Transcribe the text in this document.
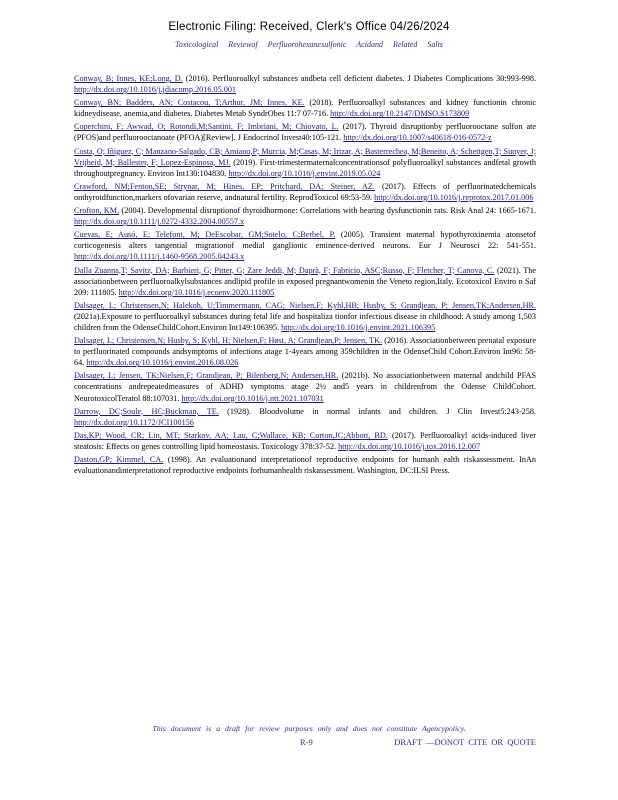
Electronic Filing: Received, Clerk's Office 04/26/2024
Toxicological Reviewof Perfluorohexanesulfonic Acidand Related Salts

Conway, B; Innes, KE;Long, D. (2016). Perfluoroalkyl substances andbeta cell deficient diabetes. J Diabetes Complications 30:993-998. http://dx.doi.org/10.1016/j.jdiacomp.2016.05.001

Conway, BN; Badders, AN; Costacou, T;Arthur, JM; Innes, KE. (2018). Perfluoroalkyl substances and kidney functionin chronic kidneydisease, anemia,and diabetes. Diabetes Metab SyndrObes 11:7 07-716. http://dx.doi.org/10.2147/DMSO.S173809

Coperchini, F; Awwad, O; Rotondi,M;Santini, F; Imbriani, M; Chiovato, L. (2017). Thyroid disruptionby perfluorooctane sulfon ate (PFOS)and perfluorooctanoate (PFOA)[Review]. J Endocrinol Invest40:105-121. http://dx.doi.org/10.1007/s40618-016-0572-z

Costa, O; Iñiguez, C; Manzano-Salgado, CB; Amiano,P; Murcia, M;Casas, M; Irizar, A; Basterrechea, M;Beneito, A; Schettgen,T; Sunyer, J; Vrijheid, M; Ballester, F; Lopez-Espinosa, MJ. (2019). First-trimestermaternalconcentrationsof polyfluoroalkyl substances andfetal growth throughoutpregnancy. Environ Int130:104830. http://dx.doi.org/10.1016/j.envint.2019.05.024

Crawford, NM;Fenton,SE; Strynar, M; Hines, EP; Pritchard, DA; Steiner, AZ. (2017). Effects of perfluorinatedchemicals onthyroidfunction,markers ofovarian reserve, andnatural fertility. ReprodToxicol 69:53-59. http://dx.doi.org/10.1016/j.reprotox.2017.01.006

Crofton, KM. (2004). Developmental disruptionof thyroidhormone: Correlations with hearing dysfunctionin rats. Risk Anal 24: 1665-1671. http://dx.doi.org/10.1111/j.0272-4332.2004.00557.x

Cuevas, E; Ausó, E; Telefont, M; DeEscobar, GM;Sotelo, C;Berbel, P. (2005). Transient maternal hypothyroxinemia atonsetof corticogenesis alters tangential migrationof medial ganglionic eminence-derived neurons. Eur J Neurosci 22: 541-551. http://dx.doi.org/10.1111/j.1460-9568.2005.04243.x

Dalla Zuanna,T; Savitz, DA; Barbieri, G; Pitter, G; Zare Jeddi, M; Daprà, F; Fabricio, ASC;Russo, F; Fletcher, T; Canova, C. (2021). The associationbetween perfluoroalkylsubstances andlipid profile in exposed pregnantwomenin the Veneto region,Italy. Ecotoxicol Enviro n Saf 209: 111805. http://dx.doi.org/10.1016/j.ecoenv.2020.111805

Dalsager, L; Christensen,N; Halekoh, U;Timmermann, CAG; Nielsen,F; Kyhl,HB; Husby, S; Grandjean, P; Jensen,TK;Andersen,HR. (2021a).Exposure to perfluoroalkyl substances during fetal life and hospitaliza tionfor infectious disease in childhood: A study among 1,503 children from the OdenseChildCohort.Environ Int149:106395. http://dx.doi.org/10.1016/j.envint.2021.106395

Dalsager, L; Christensen,N; Husby, S; Kyhl, H; Nielsen,F; Høst, A; Grandjean,P; Jensen, TK. (2016). Associationbetween prenatal exposure to perfluorinated compounds andsymptoms of infections atage 1-4years among 359children in the OdenseChild Cohort.Environ Int96: 58-64. http://dx.doi.org/10.1016/j.envint.2016.08.026

Dalsager, L; Jensen, TK;Nielsen,F; Grandjean, P; Bilenberg,N; Andersen,HR. (2021b). No associationbetween maternal andchild PFAS concentrations andrepeatedmeasures of ADHD symptoms atage 2½ and5 years in childrenfrom the Odense ChildCohort. NeurotoxicolTeratol 88:107031. http://dx.doi.org/10.1016/j.ntt.2021.107031

Darrow, DC;Soule, HC;Buckman, TE. (1928). Bloodvolume in normal infants and children. J Clin Invest5:243-258. http://dx.doi.org/10.1172/JCI100156

Das,KP; Wood, CR; Lin, MT; Starkov, AA; Lau, C;Wallace, KB; Corton,JC;Abbott, BD. (2017). Perfluoroalkyl acids-induced liver steatosis: Effects on genes controlling lipid homeostasis. Toxicology 378:37-52. http://dx.doi.org/10.1016/j.tox.2016.12.007

Daston,GP; Kimmel, CA. (1998). An evaluationand interpretationof reproductive endpoints for humanh ealth riskassessment. InAn evaluationandinterpretationof reproductive endpoints forhumanhealth riskassessment. Washington, DC:ILSI Press.

This document is a draft for review purposes only and does not constitute Agencypolicy.
R-9	DRAFT —DONOT CITE OR QUOTE
